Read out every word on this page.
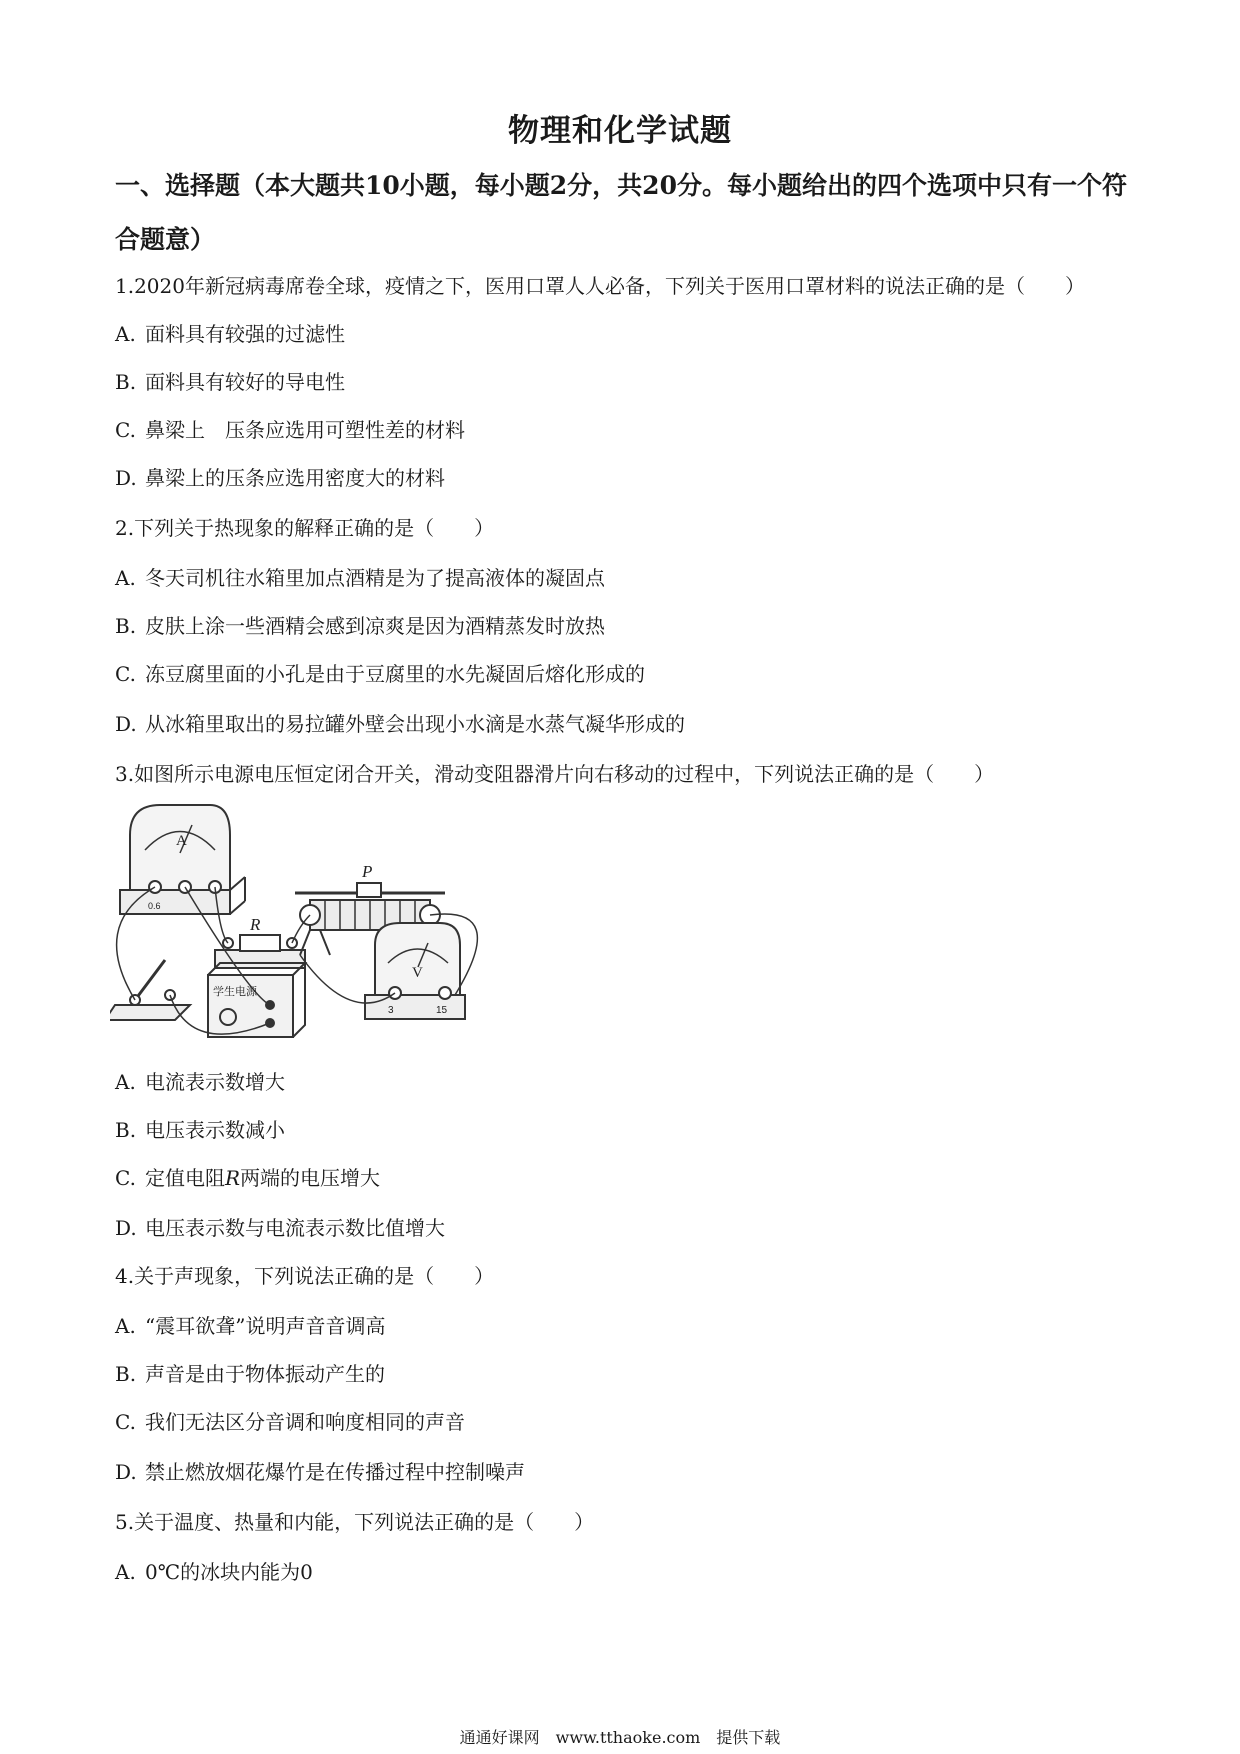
物理和化学试题
一、选择题（本大题共10小题，每小题2分，共20分。每小题给出的四个选项中只有一个符
合题意）
1.2020年新冠病毒席卷全球，疫情之下，医用口罩人人必备，下列关于医用口罩材料的说法正确的是（　　）
A. 面料具有较强的过滤性
B. 面料具有较好的导电性
C. 鼻梁上　压条应选用可塑性差的材料
D. 鼻梁上的压条应选用密度大的材料
2.下列关于热现象的解释正确的是（　　）
A. 冬天司机往水箱里加点酒精是为了提高液体的凝固点
B. 皮肤上涂一些酒精会感到凉爽是因为酒精蒸发时放热
C. 冻豆腐里面的小孔是由于豆腐里的水先凝固后熔化形成的
D. 从冰箱里取出的易拉罐外壁会出现小水滴是水蒸气凝华形成的
3.如图所示电源电压恒定闭合开关，滑动变阻器滑片向右移动的过程中，下列说法正确的是（　　）
A
0.6
R
P
V
3	15
学生电源
A. 电流表示数增大
B. 电压表示数减小
C. 定值电阻R两端的电压增大
D. 电压表示数与电流表示数比值增大
4.关于声现象，下列说法正确的是（　　）
A. “震耳欲聋”说明声音音调高
B. 声音是由于物体振动产生的
C. 我们无法区分音调和响度相同的声音
D. 禁止燃放烟花爆竹是在传播过程中控制噪声
5.关于温度、热量和内能，下列说法正确的是（　　）
A. 0℃的冰块内能为0
通通好课网　www.tthaoke.com　提供下载
